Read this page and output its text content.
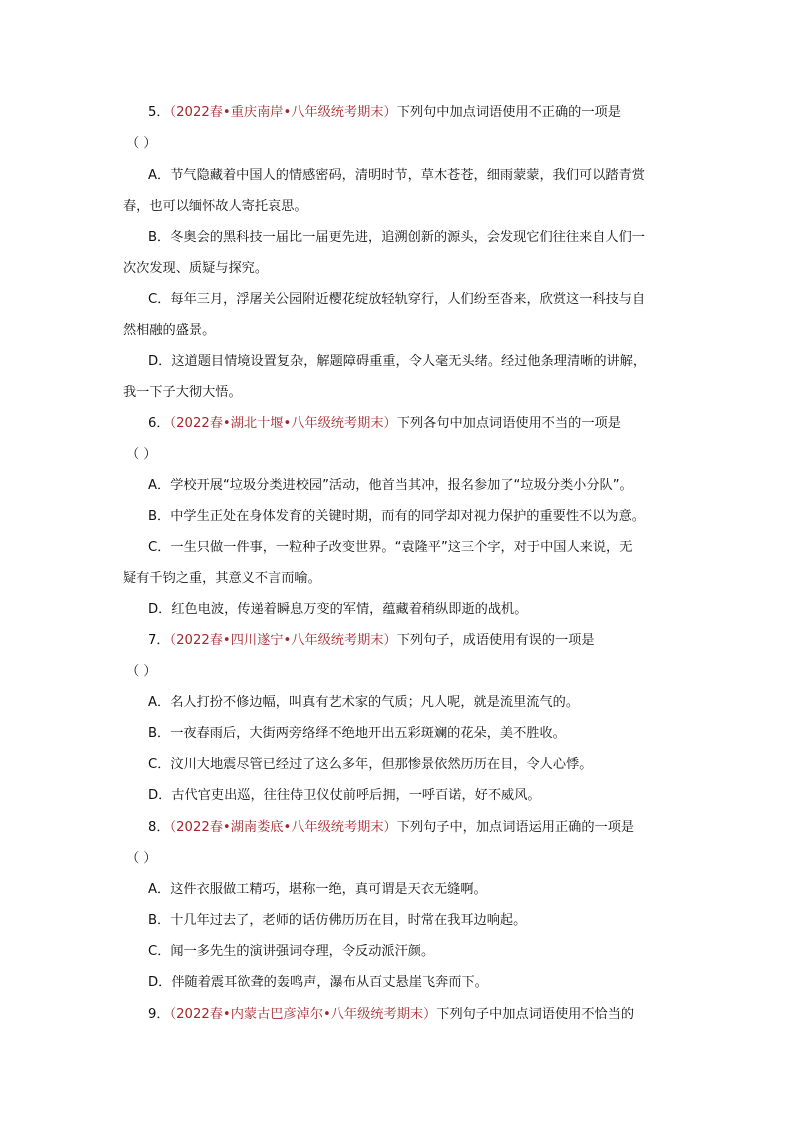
5．（2022春•重庆南岸•八年级统考期末）下列句中加点词语使用不正确的一项是
（ ）
A．节气隐藏着中国人的情感密码，清明时节，草木苍苍，细雨蒙蒙，我们可以踏青赏
春，也可以缅怀故人寄托哀思。
B．冬奥会的黑科技一届比一届更先进，追溯创新的源头，会发现它们往往来自人们一
次次发现、质疑与探究。
C．每年三月，浮屠关公园附近樱花绽放轻轨穿行，人们纷至沓来，欣赏这一科技与自
然相融的盛景。
D．这道题目情境设置复杂，解题障碍重重，令人毫无头绪。经过他条理清晰的讲解，
我一下子大彻大悟。
6．（2022春•湖北十堰•八年级统考期末）下列各句中加点词语使用不当的一项是
（ ）
A．学校开展“垃圾分类进校园”活动，他首当其冲，报名参加了“垃圾分类小分队”。
B．中学生正处在身体发育的关键时期，而有的同学却对视力保护的重要性不以为意。
C．一生只做一件事，一粒种子改变世界。“袁隆平”这三个字，对于中国人来说，无
疑有千钧之重，其意义不言而喻。
D．红色电波，传递着瞬息万变的军情，蕴藏着稍纵即逝的战机。
7．（2022春•四川遂宁•八年级统考期末）下列句子，成语使用有误的一项是
（ ）
A．名人打扮不修边幅，叫真有艺术家的气质；凡人呢，就是流里流气的。
B．一夜春雨后，大街两旁络绎不绝地开出五彩斑斓的花朵，美不胜收。
C．汶川大地震尽管已经过了这么多年，但那惨景依然历历在目，令人心悸。
D．古代官吏出巡，往往侍卫仪仗前呼后拥，一呼百诺，好不威风。
8．（2022春•湖南娄底•八年级统考期末）下列句子中，加点词语运用正确的一项是
（ ）
A．这件衣服做工精巧，堪称一绝，真可谓是天衣无缝啊。
B．十几年过去了，老师的话仿佛历历在目，时常在我耳边响起。
C．闻一多先生的演讲强词夺理，令反动派汗颜。
D．伴随着震耳欲聋的轰鸣声，瀑布从百丈悬崖飞奔而下。
9．（2022春•内蒙古巴彦淖尔•八年级统考期末）下列句子中加点词语使用不恰当的
